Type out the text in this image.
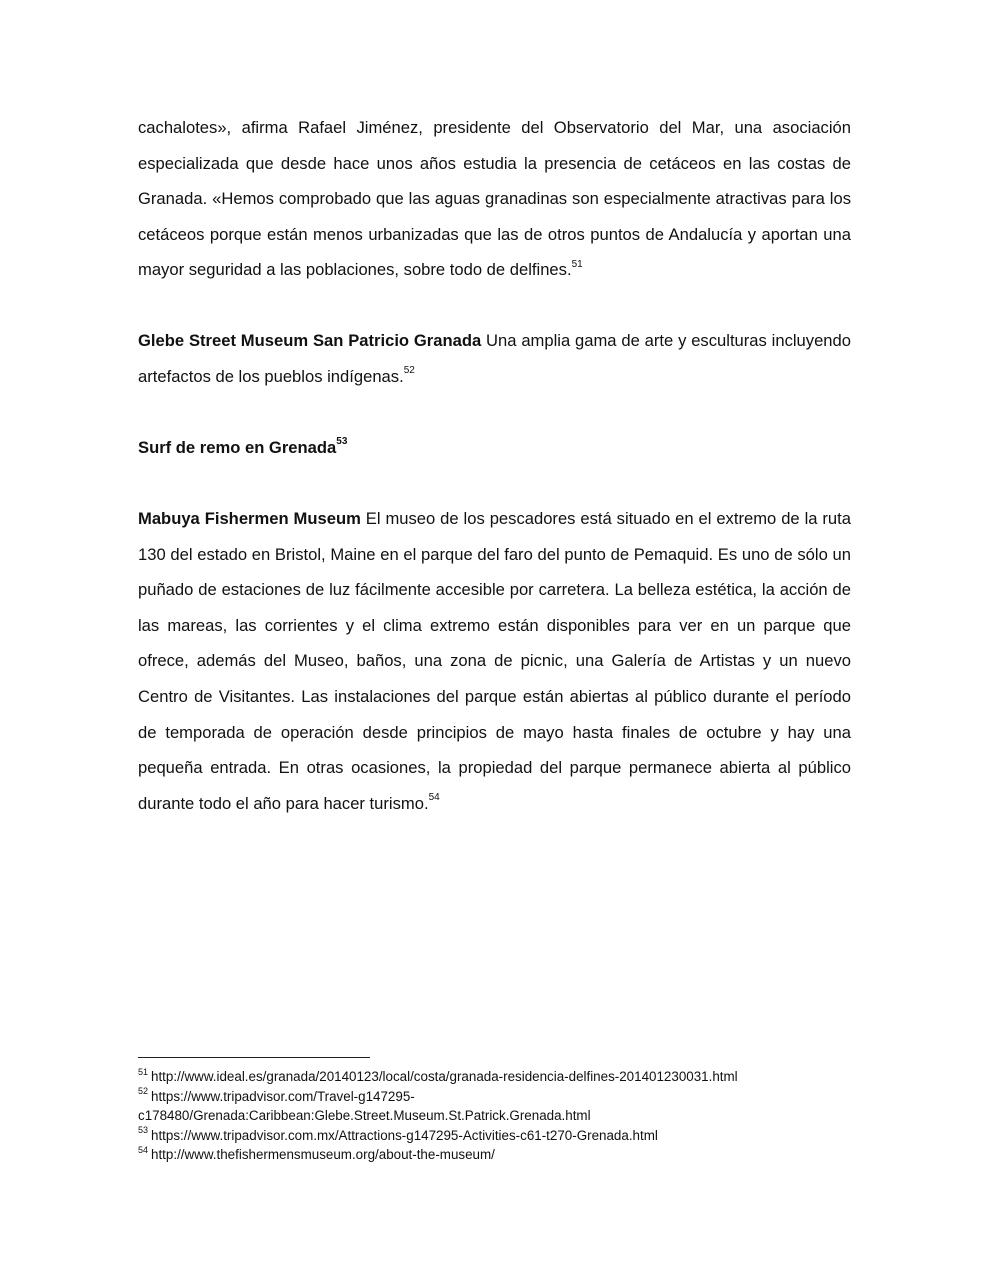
cachalotes», afirma Rafael Jiménez, presidente del Observatorio del Mar, una asociación especializada que desde hace unos años estudia la presencia de cetáceos en las costas de Granada. «Hemos comprobado que las aguas granadinas son especialmente atractivas para los cetáceos porque están menos urbanizadas que las de otros puntos de Andalucía y aportan una mayor seguridad a las poblaciones, sobre todo de delfines.$^{51}$

Glebe Street Museum San Patricio Granada Una amplia gama de arte y esculturas incluyendo artefactos de los pueblos indígenas.$^{52}$

Surf de remo en Grenada$^{53}$

Mabuya Fishermen Museum El museo de los pescadores está situado en el extremo de la ruta 130 del estado en Bristol, Maine en el parque del faro del punto de Pemaquid. Es uno de sólo un puñado de estaciones de luz fácilmente accesible por carretera. La belleza estética, la acción de las mareas, las corrientes y el clima extremo están disponibles para ver en un parque que ofrece, además del Museo, baños, una zona de picnic, una Galería de Artistas y un nuevo Centro de Visitantes. Las instalaciones del parque están abiertas al público durante el período de temporada de operación desde principios de mayo hasta finales de octubre y hay una pequeña entrada. En otras ocasiones, la propiedad del parque permanece abierta al público durante todo el año para hacer turismo.$^{54}$

$^{51}$ http://www.ideal.es/granada/20140123/local/costa/granada-residencia-delfines-201401230031.html
$^{52}$ https://www.tripadvisor.com/Travel-g147295-
c178480/Grenada:Caribbean:Glebe.Street.Museum.St.Patrick.Grenada.html
$^{53}$ https://www.tripadvisor.com.mx/Attractions-g147295-Activities-c61-t270-Grenada.html
$^{54}$ http://www.thefishermensmuseum.org/about-the-museum/
